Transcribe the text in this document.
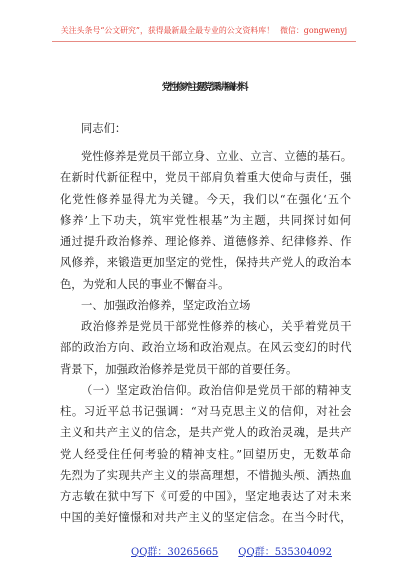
关注头条号“公文研究”，获得最新最全最专业的公文资料库！ 微信：gongwenyj
党性修养主题党课讲稿材料
同志们：
党性修养是党员干部立身、立业、立言、立德的基石。
在新时代新征程中，党员干部肩负着重大使命与责任，强
化党性修养显得尤为关键。今天，我们以“在强化‘五个
修养’上下功夫，筑牢党性根基”为主题，共同探讨如何
通过提升政治修养、理论修养、道德修养、纪律修养、作
风修养，来锻造更加坚定的党性，保持共产党人的政治本
色，为党和人民的事业不懈奋斗。
一、加强政治修养，坚定政治立场
政治修养是党员干部党性修养的核心，关乎着党员干
部的政治方向、政治立场和政治观点。在风云变幻的时代
背景下，加强政治修养是党员干部的首要任务。
（一）坚定政治信仰。政治信仰是党员干部的精神支
柱。习近平总书记强调：“对马克思主义的信仰，对社会
主义和共产主义的信念，是共产党人的政治灵魂，是共产
党人经受住任何考验的精神支柱。”回望历史，无数革命
先烈为了实现共产主义的崇高理想，不惜抛头颅、洒热血
方志敏在狱中写下《可爱的中国》，坚定地表达了对未来
中国的美好憧憬和对共产主义的坚定信念。在当今时代，
QQ群：30265665 QQ群：535304092
